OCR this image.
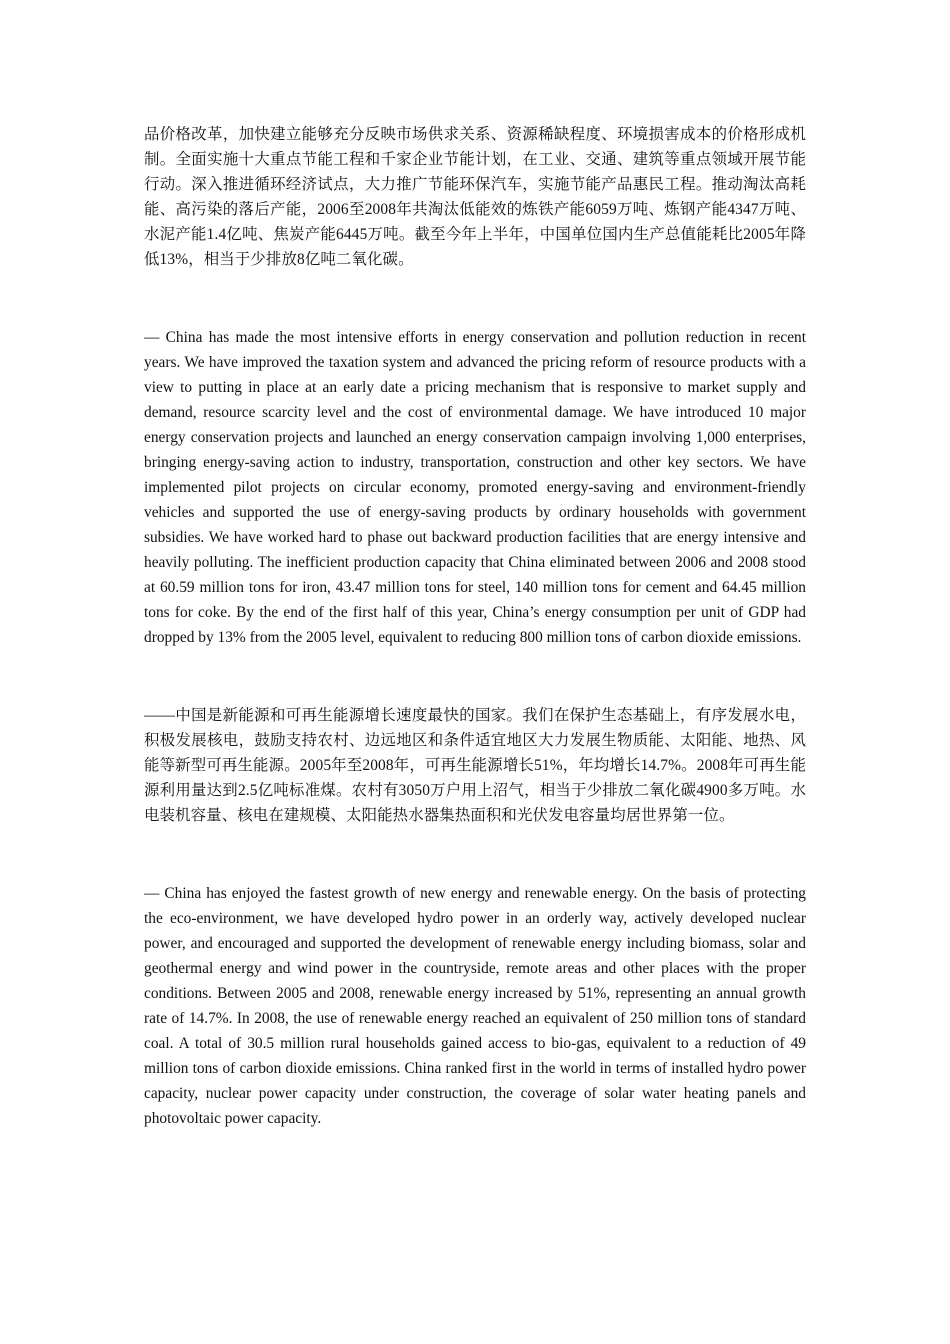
品价格改革，加快建立能够充分反映市场供求关系、资源稀缺程度、环境损害成本的价格形成机制。全面实施十大重点节能工程和千家企业节能计划，在工业、交通、建筑等重点领域开展节能行动。深入推进循环经济试点，大力推广节能环保汽车，实施节能产品惠民工程。推动淘汰高耗能、高污染的落后产能，2006至2008年共淘汰低能效的炼铁产能6059万吨、炼钢产能4347万吨、水泥产能1.4亿吨、焦炭产能6445万吨。截至今年上半年，中国单位国内生产总值能耗比2005年降低13%，相当于少排放8亿吨二氧化碳。

— China has made the most intensive efforts in energy conservation and pollution reduction in recent years. We have improved the taxation system and advanced the pricing reform of resource products with a view to putting in place at an early date a pricing mechanism that is responsive to market supply and demand, resource scarcity level and the cost of environmental damage. We have introduced 10 major energy conservation projects and launched an energy conservation campaign involving 1,000 enterprises, bringing energy-saving action to industry, transportation, construction and other key sectors. We have implemented pilot projects on circular economy, promoted energy-saving and environment-friendly vehicles and supported the use of energy-saving products by ordinary households with government subsidies. We have worked hard to phase out backward production facilities that are energy intensive and heavily polluting. The inefficient production capacity that China eliminated between 2006 and 2008 stood at 60.59 million tons for iron, 43.47 million tons for steel, 140 million tons for cement and 64.45 million tons for coke. By the end of the first half of this year, China’s energy consumption per unit of GDP had dropped by 13% from the 2005 level, equivalent to reducing 800 million tons of carbon dioxide emissions.

——中国是新能源和可再生能源增长速度最快的国家。我们在保护生态基础上，有序发展水电，积极发展核电，鼓励支持农村、边远地区和条件适宜地区大力发展生物质能、太阳能、地热、风能等新型可再生能源。2005年至2008年，可再生能源增长51%，年均增长14.7%。2008年可再生能源利用量达到2.5亿吨标准煤。农村有3050万户用上沼气，相当于少排放二氧化碳4900多万吨。水电装机容量、核电在建规模、太阳能热水器集热面积和光伏发电容量均居世界第一位。

— China has enjoyed the fastest growth of new energy and renewable energy. On the basis of protecting the eco-environment, we have developed hydro power in an orderly way, actively developed nuclear power, and encouraged and supported the development of renewable energy including biomass, solar and geothermal energy and wind power in the countryside, remote areas and other places with the proper conditions. Between 2005 and 2008, renewable energy increased by 51%, representing an annual growth rate of 14.7%. In 2008, the use of renewable energy reached an equivalent of 250 million tons of standard coal. A total of 30.5 million rural households gained access to bio-gas, equivalent to a reduction of 49 million tons of carbon dioxide emissions. China ranked first in the world in terms of installed hydro power capacity, nuclear power capacity under construction, the coverage of solar water heating panels and photovoltaic power capacity.
